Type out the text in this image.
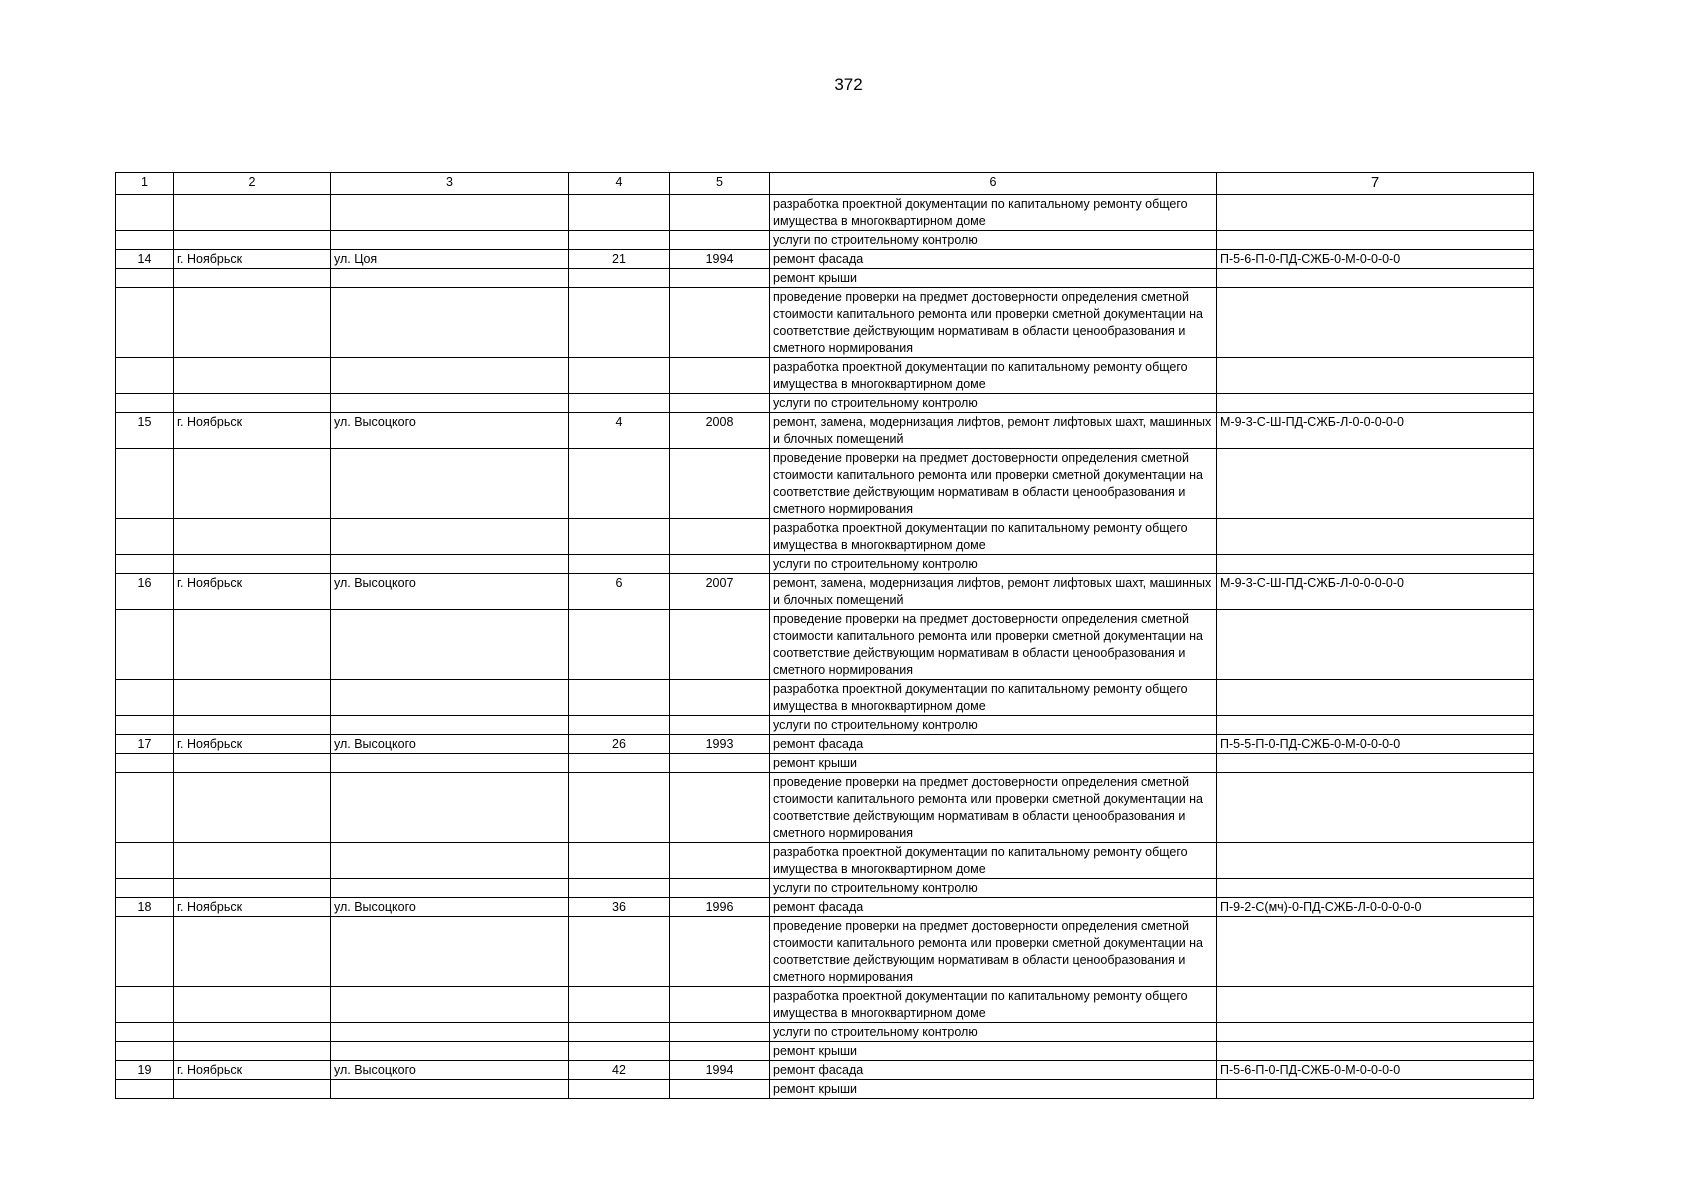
372
1	2	3	4	5	6	7
					разработка проектной документации по капитальному ремонту общего имущества в многоквартирном доме	
					услуги по строительному контролю	
14	г. Ноябрьск	ул. Цоя	21	1994	ремонт фасада	П-5-6-П-0-ПД-СЖБ-0-М-0-0-0-0
					ремонт крыши	
					проведение проверки на предмет достоверности определения сметной стоимости капитального ремонта или проверки сметной документации на соответствие действующим нормативам в области ценообразования и сметного нормирования	
					разработка проектной документации по капитальному ремонту общего имущества в многоквартирном доме	
					услуги по строительному контролю	
15	г. Ноябрьск	ул. Высоцкого	4	2008	ремонт, замена, модернизация лифтов, ремонт лифтовых шахт, машинных и блочных помещений	М-9-3-С-Ш-ПД-СЖБ-Л-0-0-0-0-0
					проведение проверки на предмет достоверности определения сметной стоимости капитального ремонта или проверки сметной документации на соответствие действующим нормативам в области ценообразования и сметного нормирования	
					разработка проектной документации по капитальному ремонту общего имущества в многоквартирном доме	
					услуги по строительному контролю	
16	г. Ноябрьск	ул. Высоцкого	6	2007	ремонт, замена, модернизация лифтов, ремонт лифтовых шахт, машинных и блочных помещений	М-9-3-С-Ш-ПД-СЖБ-Л-0-0-0-0-0
					проведение проверки на предмет достоверности определения сметной стоимости капитального ремонта или проверки сметной документации на соответствие действующим нормативам в области ценообразования и сметного нормирования	
					разработка проектной документации по капитальному ремонту общего имущества в многоквартирном доме	
					услуги по строительному контролю	
17	г. Ноябрьск	ул. Высоцкого	26	1993	ремонт фасада	П-5-5-П-0-ПД-СЖБ-0-М-0-0-0-0
					ремонт крыши	
					проведение проверки на предмет достоверности определения сметной стоимости капитального ремонта или проверки сметной документации на соответствие действующим нормативам в области ценообразования и сметного нормирования	
					разработка проектной документации по капитальному ремонту общего имущества в многоквартирном доме	
					услуги по строительному контролю	
18	г. Ноябрьск	ул. Высоцкого	36	1996	ремонт фасада	П-9-2-С(мч)-0-ПД-СЖБ-Л-0-0-0-0-0
					проведение проверки на предмет достоверности определения сметной стоимости капитального ремонта или проверки сметной документации на соответствие действующим нормативам в области ценообразования и сметного нормирования	
					разработка проектной документации по капитальному ремонту общего имущества в многоквартирном доме	
					услуги по строительному контролю	
					ремонт крыши	
19	г. Ноябрьск	ул. Высоцкого	42	1994	ремонт фасада	П-5-6-П-0-ПД-СЖБ-0-М-0-0-0-0
					ремонт крыши	
